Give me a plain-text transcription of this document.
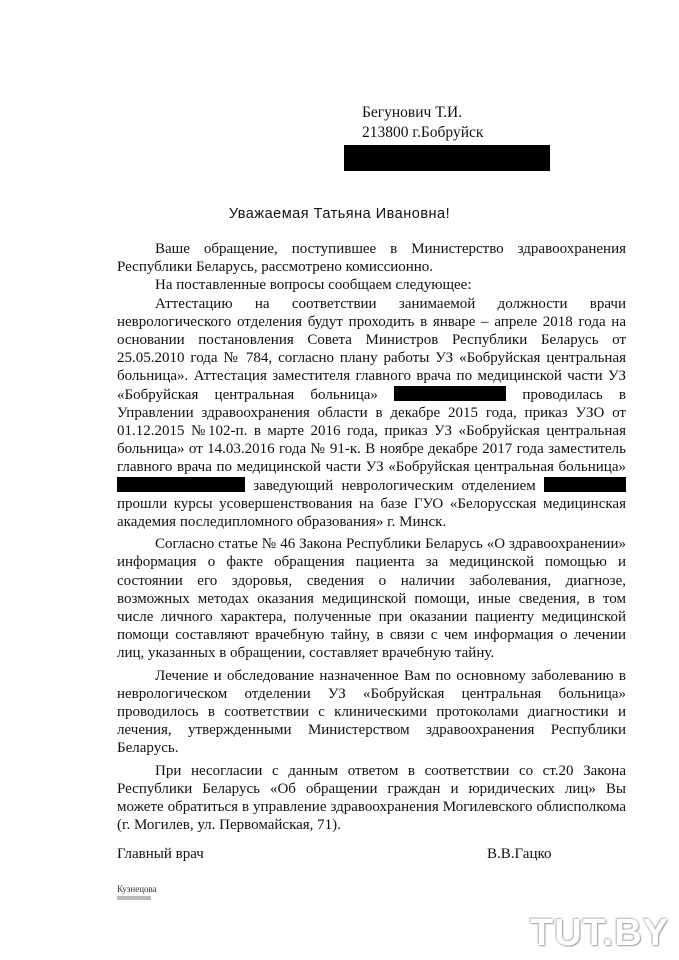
Бегунович Т.И.
213800 г.Бобруйск
Уважаемая Татьяна Ивановна!

Ваше обращение, поступившее в Министерство здравоохранения Республики Беларусь, рассмотрено комиссионно.

На поставленные вопросы сообщаем следующее:

Аттестацию на соответствии занимаемой должности врачи неврологического отделения будут проходить в январе – апреле 2018 года на основании постановления Совета Министров Республики Беларусь от 25.05.2010 года № 784, согласно плану работы УЗ «Бобруйская центральная больница». Аттестация заместителя главного врача по медицинской части УЗ «Бобруйская центральная больница»	проводилась в Управлении здравоохранения области в декабре 2015 года, приказ УЗО от 01.12.2015 №102-п. в марте 2016 года, приказ УЗ «Бобруйская центральная больница» от 14.03.2016 года № 91-к. В ноябре декабре 2017 года заместитель главного врача по медицинской части УЗ «Бобруйская центральная больница»  заведующий неврологическим отделением  прошли курсы усовершенствования на базе ГУО «Белорусская медицинская академия последипломного образования» г. Минск.

Согласно статье № 46 Закона Республики Беларусь «О здравоохранении» информация о факте обращения пациента за медицинской помощью и состоянии его здоровья, сведения о наличии заболевания, диагнозе, возможных методах оказания медицинской помощи, иные сведения, в том числе личного характера, полученные при оказании пациенту медицинской помощи составляют врачебную тайну, в связи с чем информация о лечении лиц, указанных в обращении, составляет врачебную тайну.

Лечение и обследование назначенное Вам по основному заболеванию в неврологическом отделении УЗ «Бобруйская центральная больница» проводилось в соответствии с клиническими протоколами диагностики и лечения, утвержденными Министерством здравоохранения Республики Беларусь.

При несогласии с данным ответом в соответствии со ст.20 Закона Республики Беларусь «Об обращении граждан и юридических лиц» Вы можете обратиться в управление здравоохранения Могилевского облисполкома (г. Могилев, ул. Первомайская, 71).

Главный врач	В.В.Гацко
Кузнецова
TUT.BY
